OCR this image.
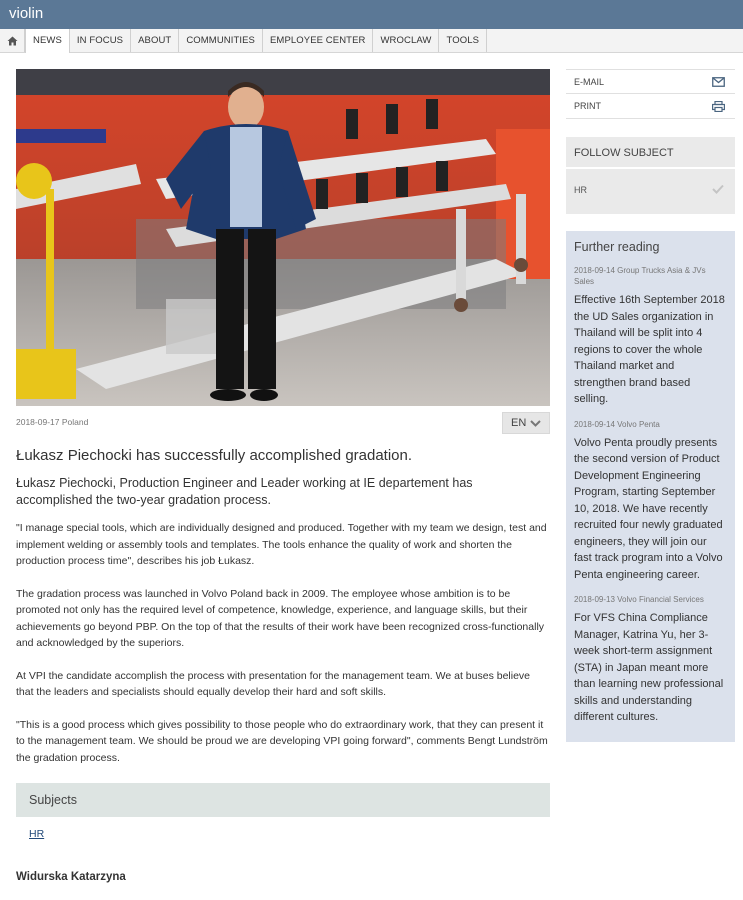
violin
NEWS	IN FOCUS	ABOUT	COMMUNITIES	EMPLOYEE CENTER	WROCLAW	TOOLS
2018-09-17 Poland	EN
Łukasz Piechocki has successfully accomplished gradation.

Łukasz Piechocki, Production Engineer and Leader working at IE departement has accomplished the two-year gradation process.

"I manage special tools, which are individually designed and produced. Together with my team we design, test and implement welding or assembly tools and templates. The tools enhance the quality of work and shorten the production process time", describes his job Łukasz.

The gradation process was launched in Volvo Poland back in 2009. The employee whose ambition is to be promoted not only has the required level of competence, knowledge, experience, and language skills, but their achievements go beyond PBP. On the top of that the results of their work have been recognized cross-functionally and acknowledged by the superiors.

At VPI the candidate accomplish the process with presentation for the management team. We at buses believe that the leaders and specialists should equally develop their hard and soft skills.

"This is a good process which gives possibility to those people who do extraordinary work, that they can present it to the management team. We should be proud we are developing VPI going forward", comments Bengt Lundström the gradation process.

Subjects
HR
Widurska Katarzyna
E-MAIL
PRINT
FOLLOW SUBJECT
HR
Further reading
2018-09-14 Group Trucks Asia & JVs Sales
Effective 16th September 2018 the UD Sales organization in Thailand will be split into 4 regions to cover the whole Thailand market and strengthen brand based selling.
2018-09-14 Volvo Penta
Volvo Penta proudly presents the second version of Product Development Engineering Program, starting September 10, 2018. We have recently recruited four newly graduated engineers, they will join our fast track program into a Volvo Penta engineering career.
2018-09-13 Volvo Financial Services
For VFS China Compliance Manager, Katrina Yu, her 3-week short-term assignment (STA) in Japan meant more than learning new professional skills and understanding different cultures.
